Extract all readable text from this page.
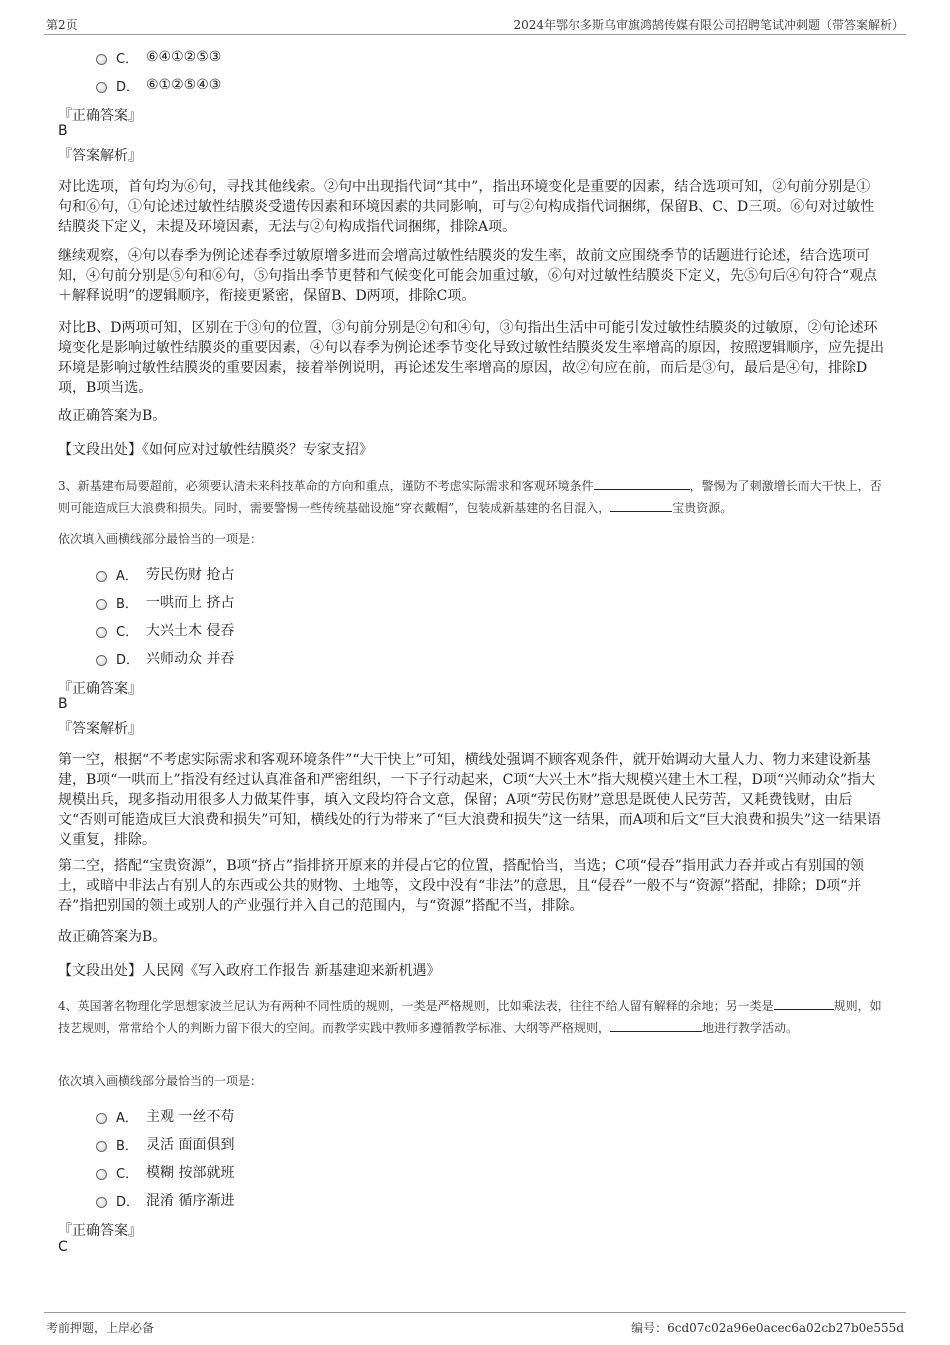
第2页	2024年鄂尔多斯乌审旗鸿鹄传媒有限公司招聘笔试冲刺题（带答案解析）
C． ⑥④①②⑤③
D． ⑥①②⑤④③
『正确答案』
B
『答案解析』
对比选项，首句均为⑥句，寻找其他线索。②句中出现指代词“其中”，指出环境变化是重要的因素，结合选项可知，②句前分别是①句和⑥句，①句论述过敏性结膜炎受遗传因素和环境因素的共同影响，可与②句构成指代词捆绑，保留B、C、D三项。⑥句对过敏性结膜炎下定义，未提及环境因素，无法与②句构成指代词捆绑，排除A项。
继续观察，④句以春季为例论述春季过敏原增多进而会增高过敏性结膜炎的发生率，故前文应围绕季节的话题进行论述，结合选项可知，④句前分别是⑤句和⑥句，⑤句指出季节更替和气候变化可能会加重过敏，⑥句对过敏性结膜炎下定义，先⑤句后④句符合“观点＋解释说明”的逻辑顺序，衔接更紧密，保留B、D两项，排除C项。
对比B、D两项可知，区别在于③句的位置，③句前分别是②句和④句，③句指出生活中可能引发过敏性结膜炎的过敏原，②句论述环境变化是影响过敏性结膜炎的重要因素，④句以春季为例论述季节变化导致过敏性结膜炎发生率增高的原因，按照逻辑顺序，应先提出环境是影响过敏性结膜炎的重要因素，接着举例说明，再论述发生率增高的原因，故②句应在前，而后是③句，最后是④句，排除D项，B项当选。
故正确答案为B。
【文段出处】《如何应对过敏性结膜炎？专家支招》
3、新基建布局要超前，必须要认清未来科技革命的方向和重点，谨防不考虑实际需求和客观环境条件	，警惕为了刺激增长而大干快上，否则可能造成巨大浪费和损失。同时，需要警惕一些传统基础设施“穿衣戴帽”，包装成新基建的名目混入，	宝贵资源。
依次填入画横线部分最恰当的一项是：
A． 劳民伤财 抢占
B． 一哄而上 挤占
C． 大兴土木 侵吞
D． 兴师动众 并吞
『正确答案』
B
『答案解析』
第一空，根据“不考虑实际需求和客观环境条件”“大干快上”可知，横线处强调不顾客观条件，就开始调动大量人力、物力来建设新基建，B项“一哄而上”指没有经过认真准备和严密组织，一下子行动起来，C项“大兴土木”指大规模兴建土木工程，D项“兴师动众”指大规模出兵，现多指动用很多人力做某件事，填入文段均符合文意，保留；A项“劳民伤财”意思是既使人民劳苦，又耗费钱财，由后文“否则可能造成巨大浪费和损失”可知，横线处的行为带来了“巨大浪费和损失”这一结果，而A项和后文“巨大浪费和损失”这一结果语义重复，排除。
第二空，搭配“宝贵资源”，B项“挤占”指排挤开原来的并侵占它的位置，搭配恰当，当选；C项“侵吞”指用武力吞并或占有别国的领土，或暗中非法占有别人的东西或公共的财物、土地等，文段中没有“非法”的意思，且“侵吞”一般不与“资源”搭配，排除；D项“并吞”指把别国的领土或别人的产业强行并入自己的范围内，与“资源”搭配不当，排除。
故正确答案为B。
【文段出处】人民网《写入政府工作报告 新基建迎来新机遇》
4、英国著名物理化学思想家波兰尼认为有两种不同性质的规则，一类是严格规则，比如乘法表，往往不给人留有解释的余地；另一类是	规则，如技艺规则，常常给个人的判断力留下很大的空间。而教学实践中教师多遵循教学标准、大纲等严格规则，	地进行教学活动。
依次填入画横线部分最恰当的一项是：
A． 主观 一丝不苟
B． 灵活 面面俱到
C． 模糊 按部就班
D． 混淆 循序渐进
『正确答案』
C
考前押题，上岸必备	编号：6cd07c02a96e0acec6a02cb27b0e555d
